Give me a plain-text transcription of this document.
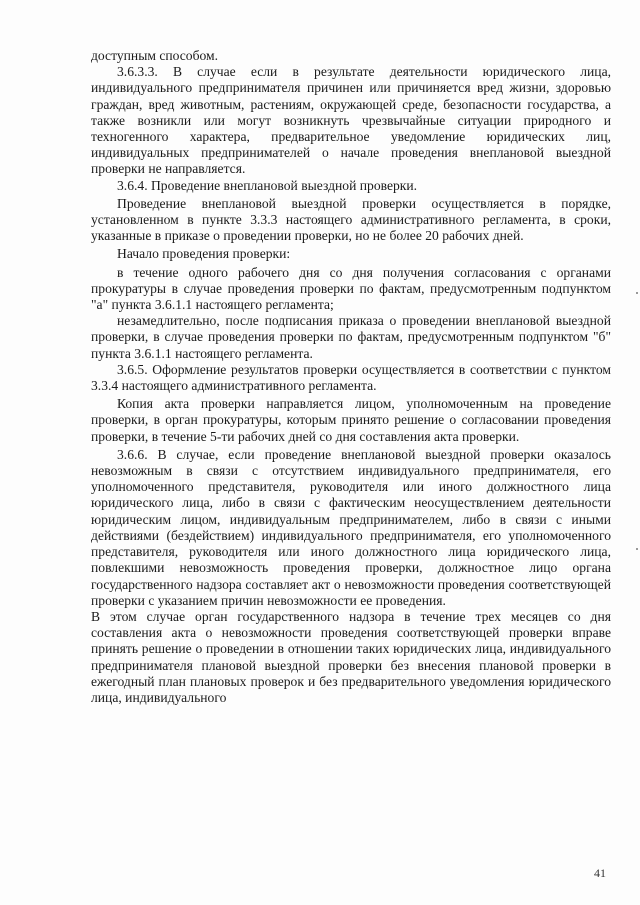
доступным способом.

3.6.3.3. В случае если в результате деятельности юридического лица, индивидуального предпринимателя причинен или причиняется вред жизни, здоровью граждан, вред животным, растениям, окружающей среде, безопасности государства, а также возникли или могут возникнуть чрезвычайные ситуации природного и техногенного характера, предварительное уведомление юридических лиц, индивидуальных предпринимателей о начале проведения внеплановой выездной проверки не направляется.

3.6.4. Проведение внеплановой выездной проверки.

Проведение внеплановой выездной проверки осуществляется в порядке, установленном в пункте 3.3.3 настоящего административного регламента, в сроки, указанные в приказе о проведении проверки, но не более 20 рабочих дней.

Начало проведения проверки:

в течение одного рабочего дня со дня получения согласования с органами прокуратуры в случае проведения проверки по фактам, предусмотренным подпунктом "а" пункта 3.6.1.1 настоящего регламента;

незамедлительно, после подписания приказа о проведении внеплановой выездной проверки, в случае проведения проверки по фактам, предусмотренным подпунктом "б" пункта 3.6.1.1 настоящего регламента.

3.6.5. Оформление результатов проверки осуществляется в соответствии с пунктом 3.3.4 настоящего административного регламента.

Копия акта проверки направляется лицом, уполномоченным на проведение проверки, в орган прокуратуры, которым принято решение о согласовании проведения проверки, в течение 5-ти рабочих дней со дня составления акта проверки.

3.6.6. В случае, если проведение внеплановой выездной проверки оказалось невозможным в связи с отсутствием индивидуального предпринимателя, его уполномоченного представителя, руководителя или иного должностного лица юридического лица, либо в связи с фактическим неосуществлением деятельности юридическим лицом, индивидуальным предпринимателем, либо в связи с иными действиями (бездействием) индивидуального предпринимателя, его уполномоченного представителя, руководителя или иного должностного лица юридического лица, повлекшими невозможность проведения проверки, должностное лицо органа государственного надзора составляет акт о невозможности проведения соответствующей проверки с указанием причин невозможности ее проведения.

В этом случае орган государственного надзора в течение трех месяцев со дня составления акта о невозможности проведения соответствующей проверки вправе принять решение о проведении в отношении таких юридических лица, индивидуального предпринимателя плановой выездной проверки без внесения плановой проверки в ежегодный план плановых проверок и без предварительного уведомления юридического лица, индивидуального

41
